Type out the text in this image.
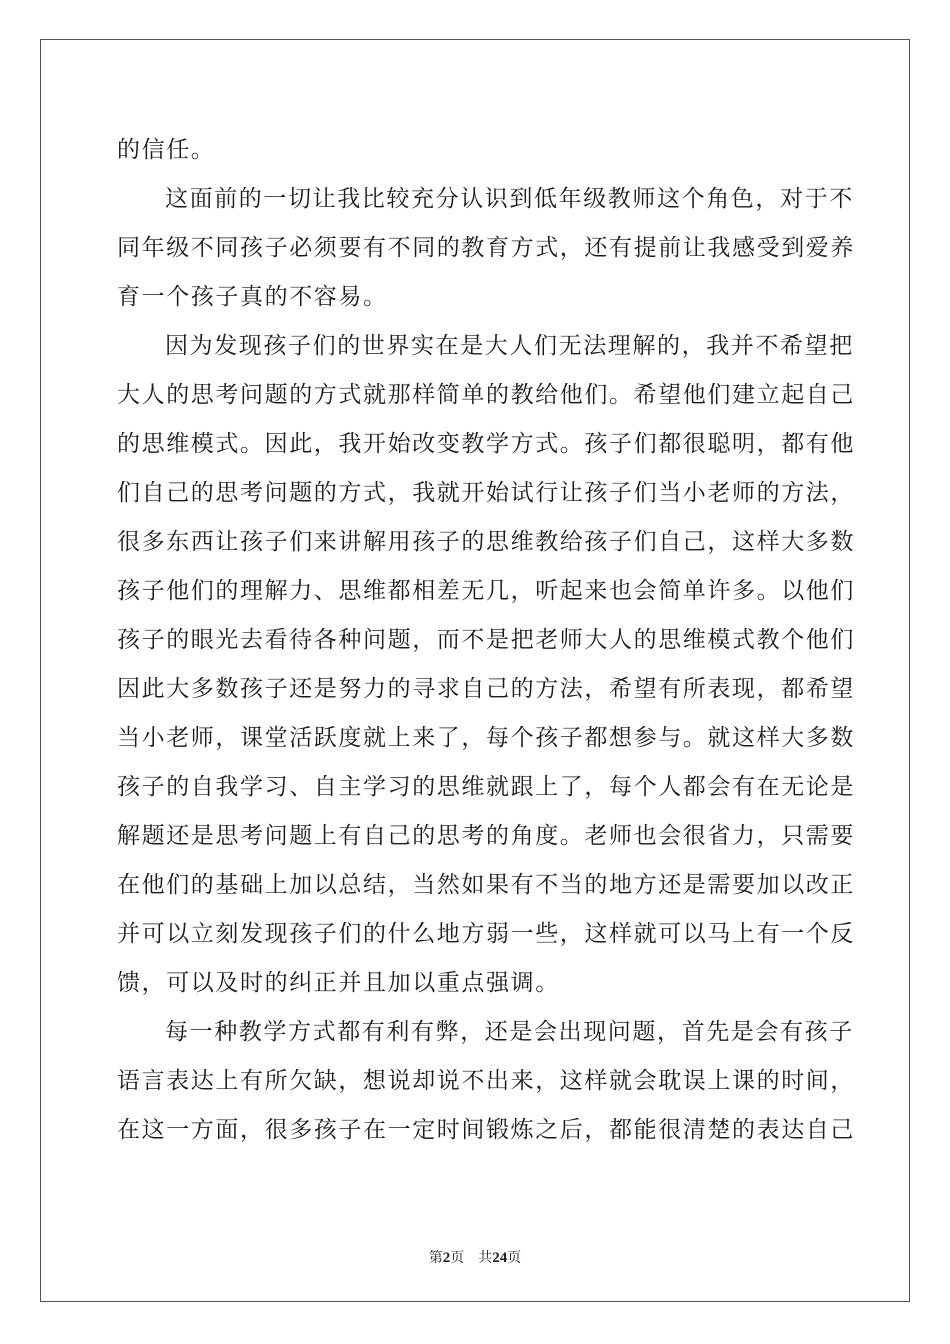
的信任。
这面前的一切让我比较充分认识到低年级教师这个角色，对于不
同年级不同孩子必须要有不同的教育方式，还有提前让我感受到爱养
育一个孩子真的不容易。
因为发现孩子们的世界实在是大人们无法理解的，我并不希望把
大人的思考问题的方式就那样简单的教给他们。希望他们建立起自己
的思维模式。因此，我开始改变教学方式。孩子们都很聪明，都有他
们自己的思考问题的方式，我就开始试行让孩子们当小老师的方法，
很多东西让孩子们来讲解用孩子的思维教给孩子们自己，这样大多数
孩子他们的理解力、思维都相差无几，听起来也会简单许多。以他们
孩子的眼光去看待各种问题，而不是把老师大人的思维模式教个他们
因此大多数孩子还是努力的寻求自己的方法，希望有所表现，都希望
当小老师，课堂活跃度就上来了，每个孩子都想参与。就这样大多数
孩子的自我学习、自主学习的思维就跟上了，每个人都会有在无论是
解题还是思考问题上有自己的思考的角度。老师也会很省力，只需要
在他们的基础上加以总结，当然如果有不当的地方还是需要加以改正
并可以立刻发现孩子们的什么地方弱一些，这样就可以马上有一个反
馈，可以及时的纠正并且加以重点强调。
每一种教学方式都有利有弊，还是会出现问题，首先是会有孩子
语言表达上有所欠缺，想说却说不出来，这样就会耽误上课的时间，
在这一方面，很多孩子在一定时间锻炼之后，都能很清楚的表达自己
第2页 共24页
